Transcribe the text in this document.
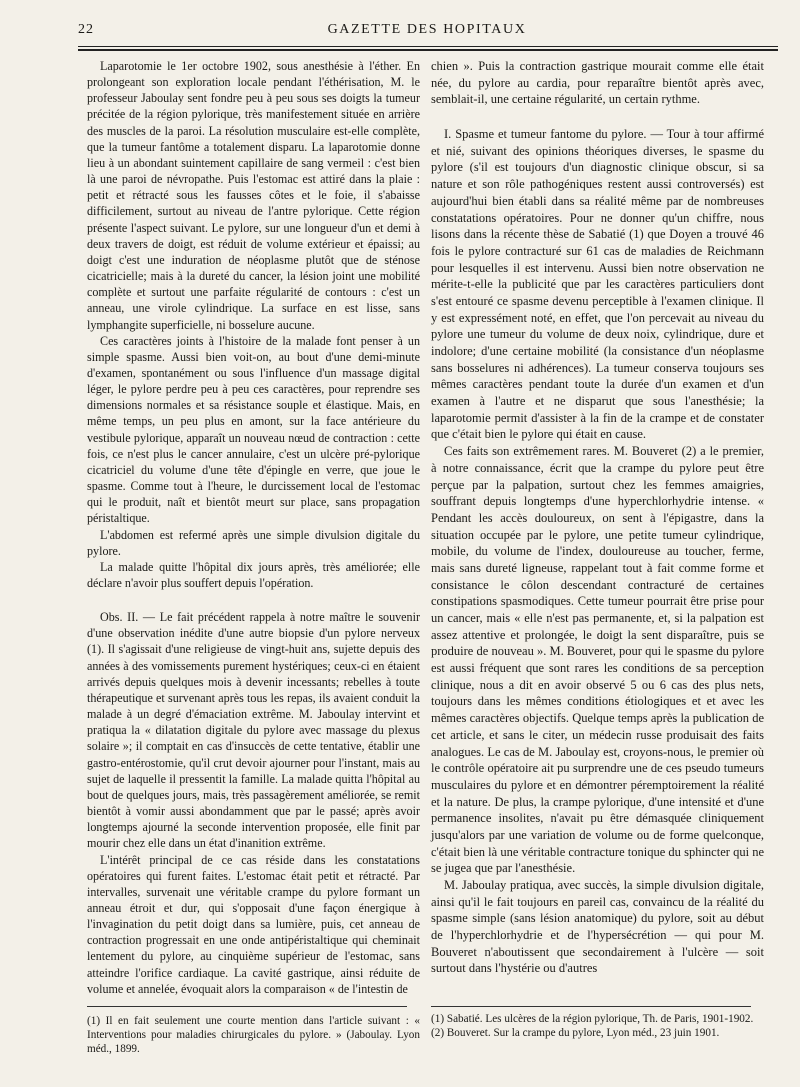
22	GAZETTE DES HOPITAUX

Laparotomie le 1er octobre 1902, sous anesthésie à l'éther. En prolongeant son exploration locale pendant l'éthérisation, M. le professeur Jaboulay sent fondre peu à peu sous ses doigts la tumeur précitée de la région pylorique, très manifestement située en arrière des muscles de la paroi. La résolution musculaire est-elle complète, que la tumeur fantôme a totalement disparu. La laparotomie donne lieu à un abondant suintement capillaire de sang vermeil : c'est bien là une paroi de névropathe. Puis l'estomac est attiré dans la plaie : petit et rétracté sous les fausses côtes et le foie, il s'abaisse difficilement, surtout au niveau de l'antre pylorique. Cette région présente l'aspect suivant. Le pylore, sur une longueur d'un et demi à deux travers de doigt, est réduit de volume extérieur et épaissi; au doigt c'est une induration de néoplasme plutôt que de sténose cicatricielle; mais à la dureté du cancer, la lésion joint une mobilité complète et surtout une parfaite régularité de contours : c'est un anneau, une virole cylindrique. La surface en est lisse, sans lymphangite superficielle, ni bosselure aucune.

Ces caractères joints à l'histoire de la malade font penser à un simple spasme. Aussi bien voit-on, au bout d'une demi-minute d'examen, spontanément ou sous l'influence d'un massage digital léger, le pylore perdre peu à peu ces caractères, pour reprendre ses dimensions normales et sa résistance souple et élastique. Mais, en même temps, un peu plus en amont, sur la face antérieure du vestibule pylorique, apparaît un nouveau nœud de contraction : cette fois, ce n'est plus le cancer annulaire, c'est un ulcère pré-pylorique cicatriciel du volume d'une tête d'épingle en verre, que joue le spasme. Comme tout à l'heure, le durcissement local de l'estomac qui le produit, naît et bientôt meurt sur place, sans propagation péristaltique.

L'abdomen est refermé après une simple divulsion digitale du pylore.

La malade quitte l'hôpital dix jours après, très améliorée; elle déclare n'avoir plus souffert depuis l'opération.

Obs. II. — Le fait précédent rappela à notre maître le souvenir d'une observation inédite d'une autre biopsie d'un pylore nerveux (1). Il s'agissait d'une religieuse de vingt-huit ans, sujette depuis des années à des vomissements purement hystériques; ceux-ci en étaient arrivés depuis quelques mois à devenir incessants; rebelles à toute thérapeutique et survenant après tous les repas, ils avaient conduit la malade à un degré d'émaciation extrême. M. Jaboulay intervint et pratiqua la « dilatation digitale du pylore avec massage du plexus solaire »; il comptait en cas d'insuccès de cette tentative, établir une gastro-entérostomie, qu'il crut devoir ajourner pour l'instant, mais au sujet de laquelle il pressentit la famille. La malade quitta l'hôpital au bout de quelques jours, mais, très passagèrement améliorée, se remit bientôt à vomir aussi abondamment que par le passé; après avoir longtemps ajourné la seconde intervention proposée, elle finit par mourir chez elle dans un état d'inanition extrême.

L'intérêt principal de ce cas réside dans les constatations opératoires qui furent faites. L'estomac était petit et rétracté. Par intervalles, survenait une véritable crampe du pylore formant un anneau étroit et dur, qui s'opposait d'une façon énergique à l'invagination du petit doigt dans sa lumière, puis, cet anneau de contraction progressait en une onde antipéristaltique qui cheminait lentement du pylore, au cinquième supérieur de l'estomac, sans atteindre l'orifice cardiaque. La cavité gastrique, ainsi réduite de volume et annelée, évoquait alors la comparaison « de l'intestin de

chien ». Puis la contraction gastrique mourait comme elle était née, du pylore au cardia, pour reparaître bientôt après avec, semblait-il, une certaine régularité, un certain rythme.

I. Spasme et tumeur fantome du pylore. — Tour à tour affirmé et nié, suivant des opinions théoriques diverses, le spasme du pylore (s'il est toujours d'un diagnostic clinique obscur, si sa nature et son rôle pathogéniques restent aussi controversés) est aujourd'hui bien établi dans sa réalité même par de nombreuses constatations opératoires. Pour ne donner qu'un chiffre, nous lisons dans la récente thèse de Sabatié (1) que Doyen a trouvé 46 fois le pylore contracturé sur 61 cas de maladies de Reichmann pour lesquelles il est intervenu. Aussi bien notre observation ne mérite-t-elle la publicité que par les caractères particuliers dont s'est entouré ce spasme devenu perceptible à l'examen clinique. Il y est expressément noté, en effet, que l'on percevait au niveau du pylore une tumeur du volume de deux noix, cylindrique, dure et indolore; d'une certaine mobilité (la consistance d'un néoplasme sans bosselures ni adhérences). La tumeur conserva toujours ses mêmes caractères pendant toute la durée d'un examen et d'un examen à l'autre et ne disparut que sous l'anesthésie; la laparotomie permit d'assister à la fin de la crampe et de constater que c'était bien le pylore qui était en cause.

Ces faits son extrêmement rares. M. Bouveret (2) a le premier, à notre connaissance, écrit que la crampe du pylore peut être perçue par la palpation, surtout chez les femmes amaigries, souffrant depuis longtemps d'une hyperchlorhydrie intense. « Pendant les accès douloureux, on sent à l'épigastre, dans la situation occupée par le pylore, une petite tumeur cylindrique, mobile, du volume de l'index, douloureuse au toucher, ferme, mais sans dureté ligneuse, rappelant tout à fait comme forme et consistance le côlon descendant contracturé de certaines constipations spasmodiques. Cette tumeur pourrait être prise pour un cancer, mais « elle n'est pas permanente, et, si la palpation est assez attentive et prolongée, le doigt la sent disparaître, puis se produire de nouveau ». M. Bouveret, pour qui le spasme du pylore est aussi fréquent que sont rares les conditions de sa perception clinique, nous a dit en avoir observé 5 ou 6 cas des plus nets, toujours dans les mêmes conditions étiologiques et et avec les mêmes caractères objectifs. Quelque temps après la publication de cet article, et sans le citer, un médecin russe produisait des faits analogues. Le cas de M. Jaboulay est, croyons-nous, le premier où le contrôle opératoire ait pu surprendre une de ces pseudo tumeurs musculaires du pylore et en démontrer péremptoirement la réalité et la nature. De plus, la crampe pylorique, d'une intensité et d'une permanence insolites, n'avait pu être démasquée cliniquement jusqu'alors par une variation de volume ou de forme quelconque, c'était bien là une véritable contracture tonique du sphincter qui ne se jugea que par l'anesthésie.

M. Jaboulay pratiqua, avec succès, la simple divulsion digitale, ainsi qu'il le fait toujours en pareil cas, convaincu de la réalité du spasme simple (sans lésion anatomique) du pylore, soit au début de l'hyperchlorhydrie et de l'hypersécrétion — qui pour M. Bouveret n'aboutissent que secondairement à l'ulcère — soit surtout dans l'hystérie ou d'autres

(1) Il en fait seulement une courte mention dans l'article suivant : « Interventions pour maladies chirurgicales du pylore. » (Jaboulay. Lyon méd., 1899.

(1) Sabatié. Les ulcères de la région pylorique, Th. de Paris, 1901-1902.

(2) Bouveret. Sur la crampe du pylore, Lyon méd., 23 juin 1901.
